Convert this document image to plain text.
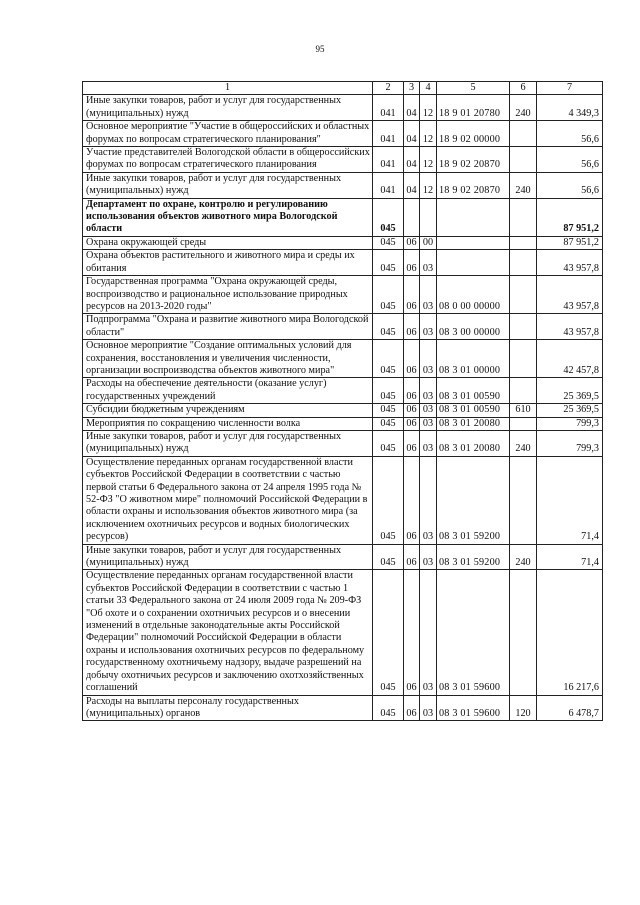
95
1	2	3	4	5	6	7
Иные закупки товаров, работ и услуг для государственных (муниципальных) нужд	041	04	12	18 9 01 20780	240	4 349,3
Основное мероприятие "Участие в общероссийских и областных форумах по вопросам стратегического планирования"	041	04	12	18 9 02 00000		56,6
Участие представителей Вологодской области в общероссийских форумах по вопросам стратегического планирования	041	04	12	18 9 02 20870		56,6
Иные закупки товаров, работ и услуг для государственных (муниципальных) нужд	041	04	12	18 9 02 20870	240	56,6
Департамент по охране, контролю и регулированию использования объектов животного мира Вологодской области	045					87 951,2
Охрана окружающей среды	045	06	00			87 951,2
Охрана объектов растительного и животного мира и среды их обитания	045	06	03			43 957,8
Государственная программа "Охрана окружающей среды, воспроизводство и рациональное использование природных ресурсов на 2013-2020 годы"	045	06	03	08 0 00 00000		43 957,8
Подпрограмма "Охрана и развитие животного мира Вологодской области"	045	06	03	08 3 00 00000		43 957,8
Основное мероприятие "Создание оптимальных условий для сохранения, восстановления и увеличения численности, организации воспроизводства объектов животного мира"	045	06	03	08 3 01 00000		42 457,8
Расходы на обеспечение деятельности (оказание услуг) государственных учреждений	045	06	03	08 3 01 00590		25 369,5
Субсидии бюджетным учреждениям	045	06	03	08 3 01 00590	610	25 369,5
Мероприятия по сокращению численности волка	045	06	03	08 3 01 20080		799,3
Иные закупки товаров, работ и услуг для государственных (муниципальных) нужд	045	06	03	08 3 01 20080	240	799,3
Осуществление переданных органам государственной власти субъектов Российской Федерации в соответствии с частью первой статьи 6 Федерального закона от 24 апреля 1995 года № 52-ФЗ "О животном мире" полномочий Российской Федерации в области охраны и использования объектов животного мира (за исключением охотничьих ресурсов и водных биологических ресурсов)	045	06	03	08 3 01 59200		71,4
Иные закупки товаров, работ и услуг для государственных (муниципальных) нужд	045	06	03	08 3 01 59200	240	71,4
Осуществление переданных органам государственной власти субъектов Российской Федерации в соответствии с частью 1 статьи 33 Федерального закона от 24 июля 2009 года № 209-ФЗ "Об охоте и о сохранении охотничьих ресурсов и о внесении изменений в отдельные законодательные акты Российской Федерации" полномочий Российской Федерации в области охраны и использования охотничьих ресурсов по федеральному государственному охотничьему надзору, выдаче разрешений на добычу охотничьих ресурсов и заключению охотхозяйственных соглашений	045	06	03	08 3 01 59600		16 217,6
Расходы на выплаты персоналу государственных (муниципальных) органов	045	06	03	08 3 01 59600	120	6 478,7
